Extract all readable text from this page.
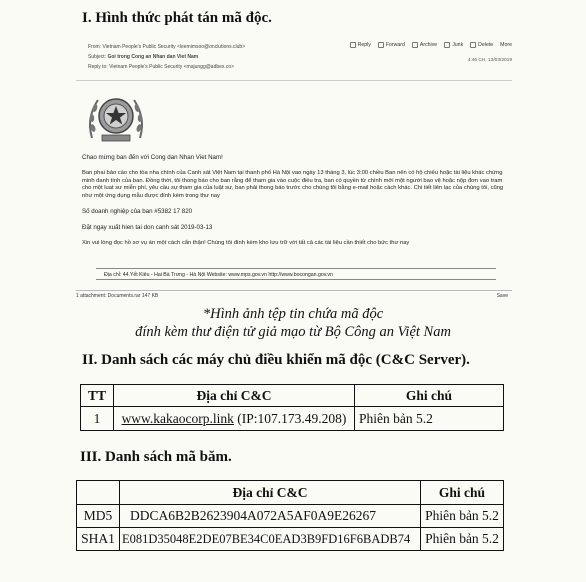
I. Hình thức phát tán mã độc.
From: Vietnam People's Public Security <leemimsoo@onclutions.club>
Subject: Goi trong Cong an Nhan dan Viet Nam
Reply to: Vietnam People's Public Security <majungg@adbex.co>
Reply	Forward	Archive	Junk	Delete More
4:46 CH, 13/03/2019
Chao mừng ban đến với Cong dan Nhan Viet Nam!
Ban phai bảo cáo cho tòa nha chính của Canh sát Việt Nam tại thanh phố Hà Nội vao ngày 13 tháng 3, lúc 3:00 chiều Ban nên có hộ chiếu hoặc tài liệu khác chứng minh danh tính của ban. Đồng thời, tôi thong báo cho ban rằng để tham gia vào cuộc điều tra, ban có quyền từ chính mới một người bao vệ hoặc nộp đơn vao tram cho một luat sư miễn phí, yêu cầu sự tham gia của luật sư, ban phải thong báo trước cho chúng tôi bằng e-mail hoặc cách khác. Chi tiết liên lạc của chúng tôi, cũng như một ứng dụng mẫu được đính kèm trong thư nay
Số doanh nghiệp của ban #5382 17 820
Đặt ngay xuất hien tai don canh sát 2019-03-13
Xin vui lòng đọc hồ sơ vụ án một cách cẩn thận! Chúng tôi đính kèm kho lưu trữ với tất cả các tài liệu cần thiết cho bức thư nay
Địa chỉ: 44 Yết Kiêu - Hai Bà Trưng - Hà Nội Website: www.mps.gov.vn http://www.bocongan.gov.vn
1 attachment: Documents.rar 147 KB	Save
*Hình ảnh tệp tin chứa mã độc
đính kèm thư điện tử giả mạo từ Bộ Công an Việt Nam
II. Danh sách các máy chủ điều khiển mã độc (C&C Server).
TT	Địa chỉ C&C	Ghi chú
1	www.kakaocorp.link (IP:107.173.49.208)	Phiên bản 5.2
III. Danh sách mã băm.
	Địa chỉ C&C	Ghi chú
MD5	DDCA6B2B2623904A072A5AF0A9E26267	Phiên bản 5.2
SHA1	E081D35048E2DE07BE34C0EAD3B9FD16F6BADB74	Phiên bản 5.2
